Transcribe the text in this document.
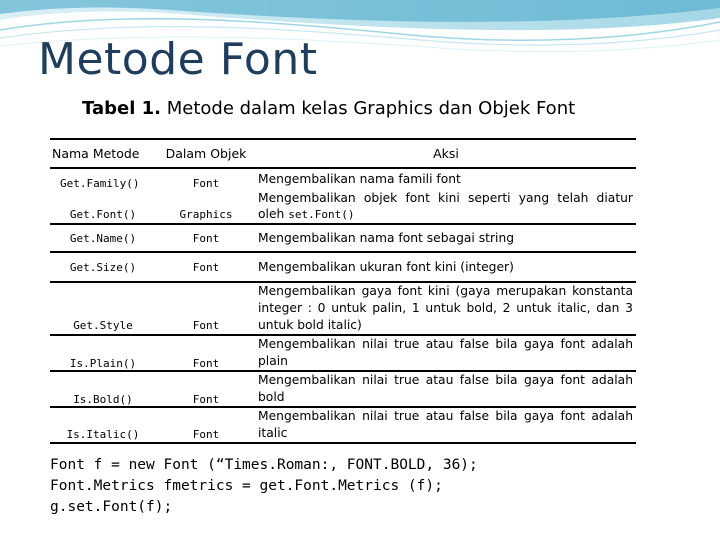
Metode Font
Tabel 1. Metode dalam kelas Graphics dan Objek Font
Nama Metode	Dalam Objek	Aksi
Get.Family()	Font	Mengembalikan nama famili font
Get.Font()	Graphics	Mengembalikan objek font kini seperti yang telah diatur oleh set.Font()
Get.Name()	Font	Mengembalikan nama font sebagai string
Get.Size()	Font	Mengembalikan ukuran font kini (integer)
Get.Style	Font	Mengembalikan gaya font kini (gaya merupakan konstanta integer : 0 untuk palin, 1 untuk bold, 2 untuk italic, dan 3 untuk bold italic)
Is.Plain()	Font	Mengembalikan nilai true atau false bila gaya font adalah plain
Is.Bold()	Font	Mengembalikan nilai true atau false bila gaya font adalah bold
Is.Italic()	Font	Mengembalikan nilai true atau false bila gaya font adalah italic
Font f = new Font (“Times.Roman:, FONT.BOLD, 36);
Font.Metrics fmetrics = get.Font.Metrics (f);
g.set.Font(f);
